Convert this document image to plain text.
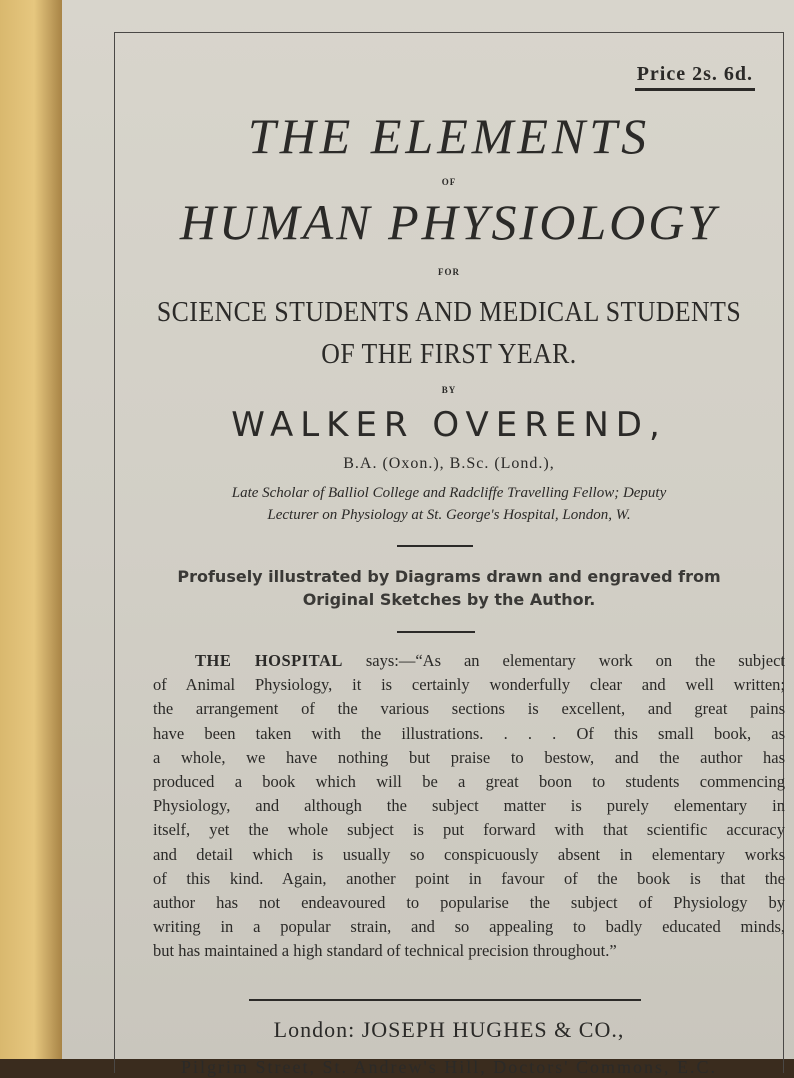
Price 2s. 6d.
THE ELEMENTS
OF
HUMAN PHYSIOLOGY
FOR
SCIENCE STUDENTS AND MEDICAL STUDENTS
OF THE FIRST YEAR.
BY
WALKER OVEREND,
B.A. (Oxon.), B.Sc. (Lond.),
Late Scholar of Balliol College and Radcliffe Travelling Fellow; Deputy
Lecturer on Physiology at St. George's Hospital, London, W.
Profusely illustrated by Diagrams drawn and engraved from
Original Sketches by the Author.
THE HOSPITAL says:—“As an elementary work on the subject
of Animal Physiology, it is certainly wonderfully clear and well written;
the arrangement of the various sections is excellent, and great pains
have been taken with the illustrations. . . . Of this small book, as
a whole, we have nothing but praise to bestow, and the author has
produced a book which will be a great boon to students commencing
Physiology, and although the subject matter is purely elementary in
itself, yet the whole subject is put forward with that scientific accuracy
and detail which is usually so conspicuously absent in elementary works
of this kind. Again, another point in favour of the book is that the
author has not endeavoured to popularise the subject of Physiology by
writing in a popular strain, and so appealing to badly educated minds,
but has maintained a high standard of technical precision throughout.”
London: JOSEPH HUGHES & CO.,
Pilgrim Street, St. Andrew's Hill, Doctors' Commons, E.C.
